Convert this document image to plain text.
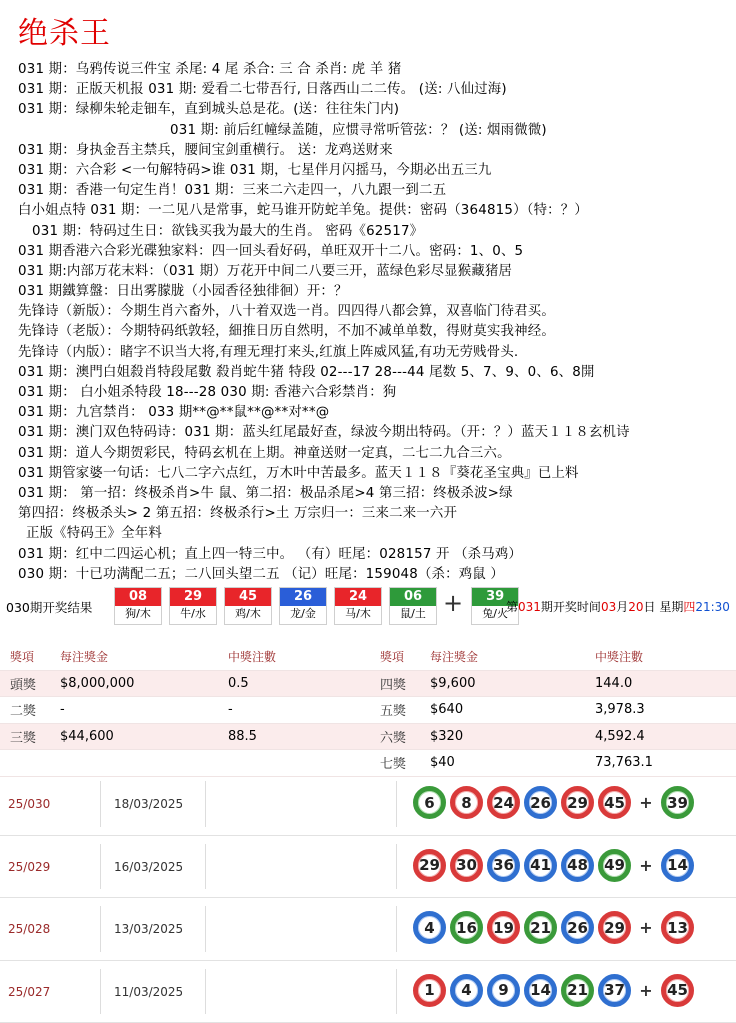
绝杀王
031 期：乌鸦传说三件宝 杀尾: 4 尾 杀合: 三 合 杀肖: 虎 羊 猪
031 期：正版天机报 031 期: 爱看二七带吾行, 日落西山二二传。 (送: 八仙过海)
031 期：绿柳朱轮走钿车，直到城头总是花。(送：往往朱门内)
031 期: 前后红幢绿盖随，应惯寻常听管弦：？ (送: 烟雨微微)
031 期：身执金吾主禁兵，腰间宝剑重横行。 送：龙鸡送财来
031 期：六合彩 <一句解特码>谁 031 期，七星伴月闪摇马，今期必出五三九
031 期：香港一句定生肖！031 期：三来二六走四一，八九跟一到二五
白小姐点特 031 期：一二见八是常事，蛇马谁开防蛇羊兔。提供：密码（364815）（特：？）
031 期：特码过生日：欲钱买我为最大的生肖。 密码《62517》
031 期香港六合彩光碟独家料：四一回头看好码，单旺双开十二八。密码：1、0、5
031 期:内部万花末料：（031 期）万花开中间二八要三开，蓝绿色彩尽显猴藏猪居
031 期鐵算盤：日出雾朦胧（小园香径独徘徊）开：？
先锋诗（新版）：今期生肖六畜外，八十着双选一肖。四四得八都会算，双喜临门待君买。
先锋诗（老版）：今期特码纸敦轻，細推日历自然明，不加不减单单数，得财莫实我神经。
先锋诗（内版）：睹字不识当大将,有理无理打来头,红旗上阵威风猛,有功无劳贱骨头.
031 期：澳門白姐殺肖特段尾數 殺肖蛇牛猪 特段 02---17 28---44 尾数 5、7、9、0、6、8開
031 期： 白小姐杀特段 18---28 030 期: 香港六合彩禁肖：狗
031 期：九宫禁肖： 033 期**@**鼠**@**对**@
031 期：澳门双色特码诗：031 期：蓝头红尾最好查，绿波今期出特码。（开：？）蓝天１１８玄机诗
031 期：道人今期贺彩民，特码玄机在上期。神童送财一定真，二七二九合三六。
031 期管家婆一句话：七八二字六点红，万木叶中苦最多。蓝天１１８『葵花圣宝典』已上料
031 期： 第一招：终极杀肖>牛 鼠、第二招：极品杀尾>4 第三招：终极杀波>绿
第四招：终极杀头> 2 第五招：终极杀行>土 万宗归一：三来二来一六开
正版《特码王》全年料
031 期：红中二四运心机；直上四一特三中。 （有）旺尾：028157 开 （杀马鸡）
030 期：十已功满配二五；二八回头望二五 （记）旺尾：159048（杀：鸡鼠 ）
030期开奖结果
08
狗/木
29
牛/水
45
鸡/木
26
龙/金
24
马/木
06
鼠/土 +	39
兔/火
第031期开奖时间03月20日 星期四21:30
獎項	每注獎金	中獎注數	獎項	每注獎金	中獎注數
頭獎	$8,000,000	0.5	四獎	$9,600	144.0
二獎	-	-	五獎	$640	3,978.3
三獎	$44,600	88.5	六獎	$320	4,592.4
			七獎	$40	73,763.1
25/030	18/03/2025	6	8	24	26	29	45 + 39
25/029	16/03/2025	29	30	36	41	48	49 + 14
25/028	13/03/2025	4	16	19	21	26	29 + 13
25/027	11/03/2025	1	4	9	14	21	37 + 45
